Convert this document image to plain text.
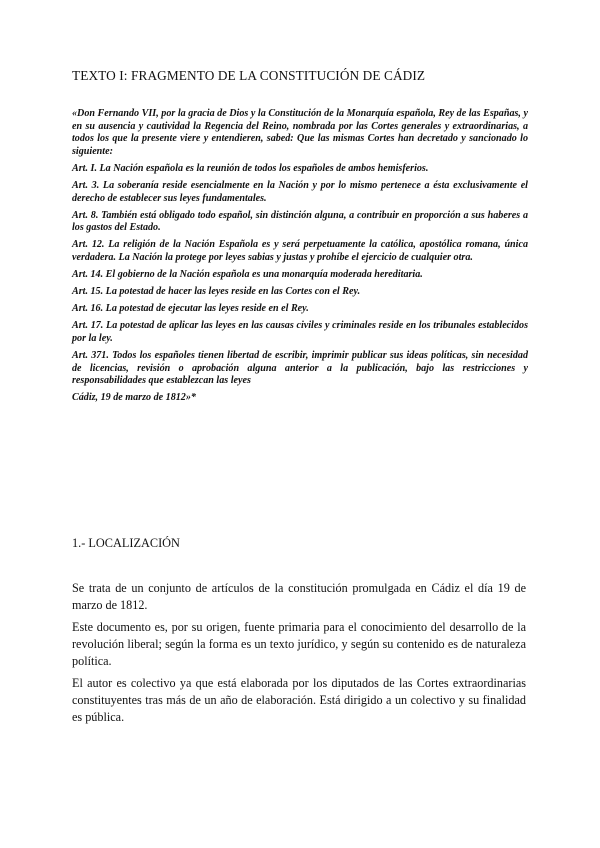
TEXTO I: FRAGMENTO DE LA CONSTITUCIÓN DE CÁDIZ

«Don Fernando VII, por la gracia de Dios y la Constitución de la Monarquía española, Rey de las Españas, y en su ausencia y cautividad la Regencia del Reino, nombrada por las Cortes generales y extraordinarias, a todos los que la presente viere y entendieren, sabed: Que las mismas Cortes han decretado y sancionado lo siguiente:

Art. I. La Nación española es la reunión de todos los españoles de ambos hemisferios.

Art. 3. La soberanía reside esencialmente en la Nación y por lo mismo pertenece a ésta exclusivamente el derecho de establecer sus leyes fundamentales.

Art. 8. También está obligado todo español, sin distinción alguna, a contribuir en proporción a sus haberes a los gastos del Estado.

Art. 12. La religión de la Nación Española es y será perpetuamente la católica, apostólica romana, única verdadera. La Nación la protege por leyes sabias y justas y prohíbe el ejercicio de cualquier otra.

Art. 14. El gobierno de la Nación española es una monarquía moderada hereditaria.

Art. 15. La potestad de hacer las leyes reside en las Cortes con el Rey.

Art. 16. La potestad de ejecutar las leyes reside en el Rey.

Art. 17. La potestad de aplicar las leyes en las causas civiles y criminales reside en los tribunales establecidos por la ley.

Art. 371. Todos los españoles tienen libertad de escribir, imprimir publicar sus ideas políticas, sin necesidad de licencias, revisión o aprobación alguna anterior a la publicación, bajo las restricciones y responsabilidades que establezcan las leyes

Cádiz, 19 de marzo de 1812»*

1.- LOCALIZACIÓN

Se trata de un conjunto de artículos de la constitución promulgada en Cádiz el día 19 de marzo de 1812.

Este documento es, por su origen, fuente primaria para el conocimiento del desarrollo de la revolución liberal; según la forma es un texto jurídico, y según su contenido es de naturaleza política.

El autor es colectivo ya que está elaborada por los diputados de las Cortes extraordinarias constituyentes tras más de un año de elaboración. Está dirigido a un colectivo y su finalidad es pública.
